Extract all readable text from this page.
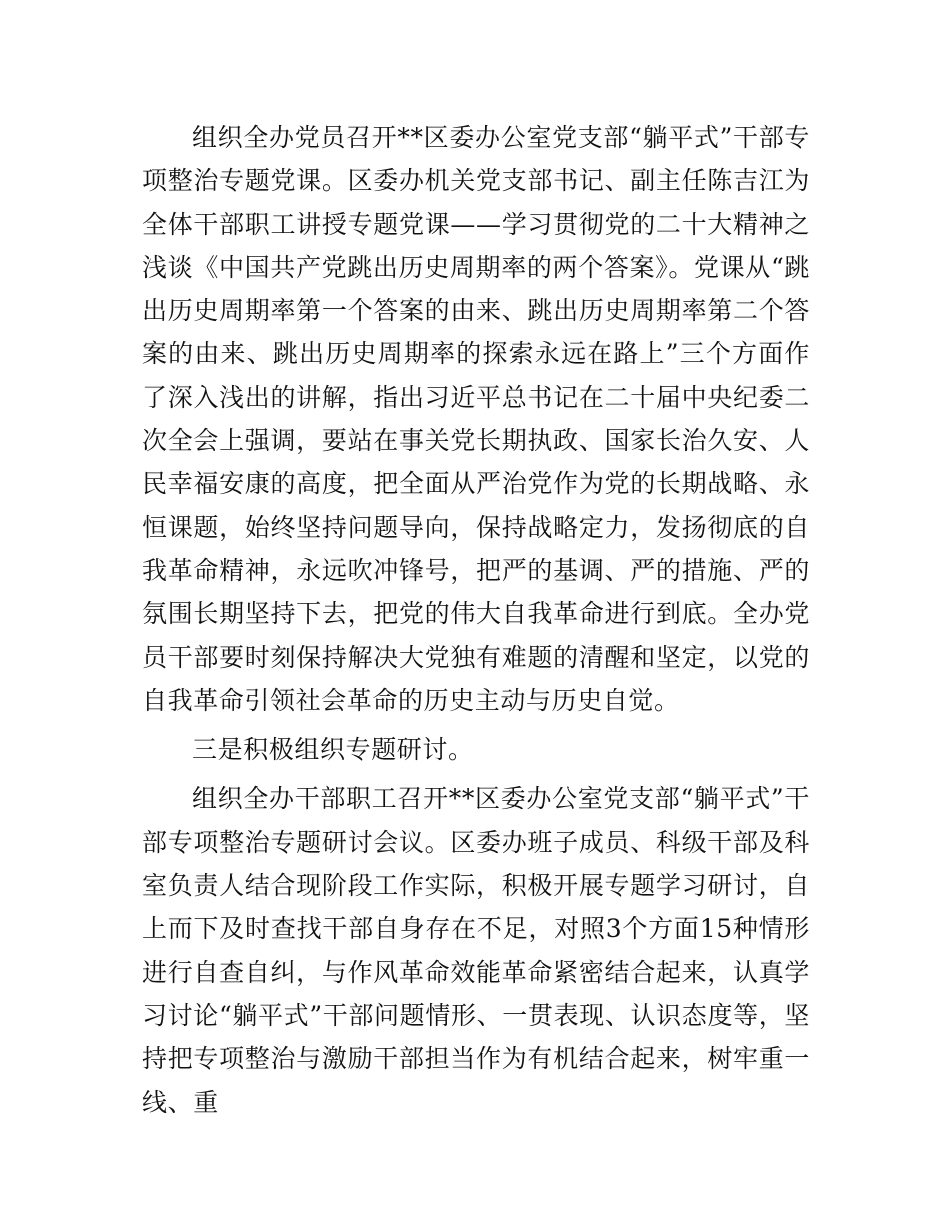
组织全办党员召开**区委办公室党支部“躺平式”干部专项整治专题党课。区委办机关党支部书记、副主任陈吉江为全体干部职工讲授专题党课——学习贯彻党的二十大精神之浅谈《中国共产党跳出历史周期率的两个答案》。党课从“跳出历史周期率第一个答案的由来、跳出历史周期率第二个答案的由来、跳出历史周期率的探索永远在路上”三个方面作了深入浅出的讲解，指出习近平总书记在二十届中央纪委二次全会上强调，要站在事关党长期执政、国家长治久安、人民幸福安康的高度，把全面从严治党作为党的长期战略、永恒课题，始终坚持问题导向，保持战略定力，发扬彻底的自我革命精神，永远吹冲锋号，把严的基调、严的措施、严的氛围长期坚持下去，把党的伟大自我革命进行到底。全办党员干部要时刻保持解决大党独有难题的清醒和坚定，以党的自我革命引领社会革命的历史主动与历史自觉。

三是积极组织专题研讨。

组织全办干部职工召开**区委办公室党支部“躺平式”干部专项整治专题研讨会议。区委办班子成员、科级干部及科室负责人结合现阶段工作实际，积极开展专题学习研讨，自上而下及时查找干部自身存在不足，对照3个方面15种情形进行自查自纠，与作风革命效能革命紧密结合起来，认真学习讨论“躺平式”干部问题情形、一贯表现、认识态度等，坚持把专项整治与激励干部担当作为有机结合起来，树牢重一线、重
